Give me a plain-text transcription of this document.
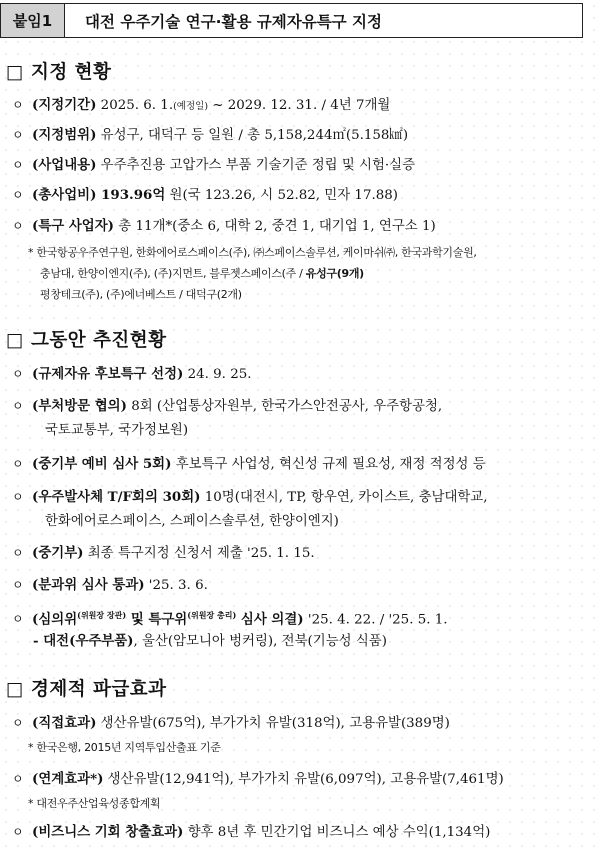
붙임1	대전 우주기술 연구·활용 규제자유특구 지정
□ 지정 현황
ㅇ (지정기간) 2025. 6. 1.(예정일) ~ 2029. 12. 31. / 4년 7개월
ㅇ (지정범위) 유성구, 대덕구 등 일원 / 총 5,158,244㎡(5.158㎢)
ㅇ (사업내용) 우주추진용 고압가스 부품 기술기준 정립 및 시험·실증
ㅇ (총사업비) 193.96억 원(국 123.26, 시 52.82, 민자 17.88)
ㅇ (특구 사업자) 총 11개*(중소 6, 대학 2, 중견 1, 대기업 1, 연구소 1)
* 한국항공우주연구원, 한화에어로스페이스(주), ㈜스페이스솔루션, 케이마쉬㈜, 한국과학기술원,
충남대, 한양이엔지(주), (주)지먼트, 블루젯스페이스(주 / 유성구(9개)
평창테크(주), (주)에너베스트 / 대덕구(2개)
□ 그동안 추진현황
ㅇ (규제자유 후보특구 선정) 24. 9. 25.
ㅇ (부처방문 협의) 8회 (산업통상자원부, 한국가스안전공사, 우주항공청,
국토교통부, 국가정보원)
ㅇ (중기부 예비 심사 5회) 후보특구 사업성, 혁신성 규제 필요성, 재정 적정성 등
ㅇ (우주발사체 T/F회의 30회) 10명(대전시, TP, 항우연, 카이스트, 충남대학교,
한화에어로스페이스, 스페이스솔루션, 한양이엔지)
ㅇ (중기부) 최종 특구지정 신청서 제출 '25. 1. 15.
ㅇ (분과위 심사 통과) '25. 3. 6.
ㅇ (심의위$^{(위원장 장관)}$ 및 특구위$^{(위원장 총리)}$ 심사 의결) '25. 4. 22. / '25. 5. 1.
- 대전(우주부품), 울산(암모니아 벙커링), 전북(기능성 식품)
□ 경제적 파급효과
ㅇ (직접효과) 생산유발(675억), 부가가치 유발(318억), 고용유발(389명)
* 한국은행, 2015년 지역투입산출표 기준
ㅇ (연계효과*) 생산유발(12,941억), 부가가치 유발(6,097억), 고용유발(7,461명)
* 대전우주산업육성종합계획
ㅇ (비즈니스 기회 창출효과) 향후 8년 후 민간기업 비즈니스 예상 수익(1,134억)
